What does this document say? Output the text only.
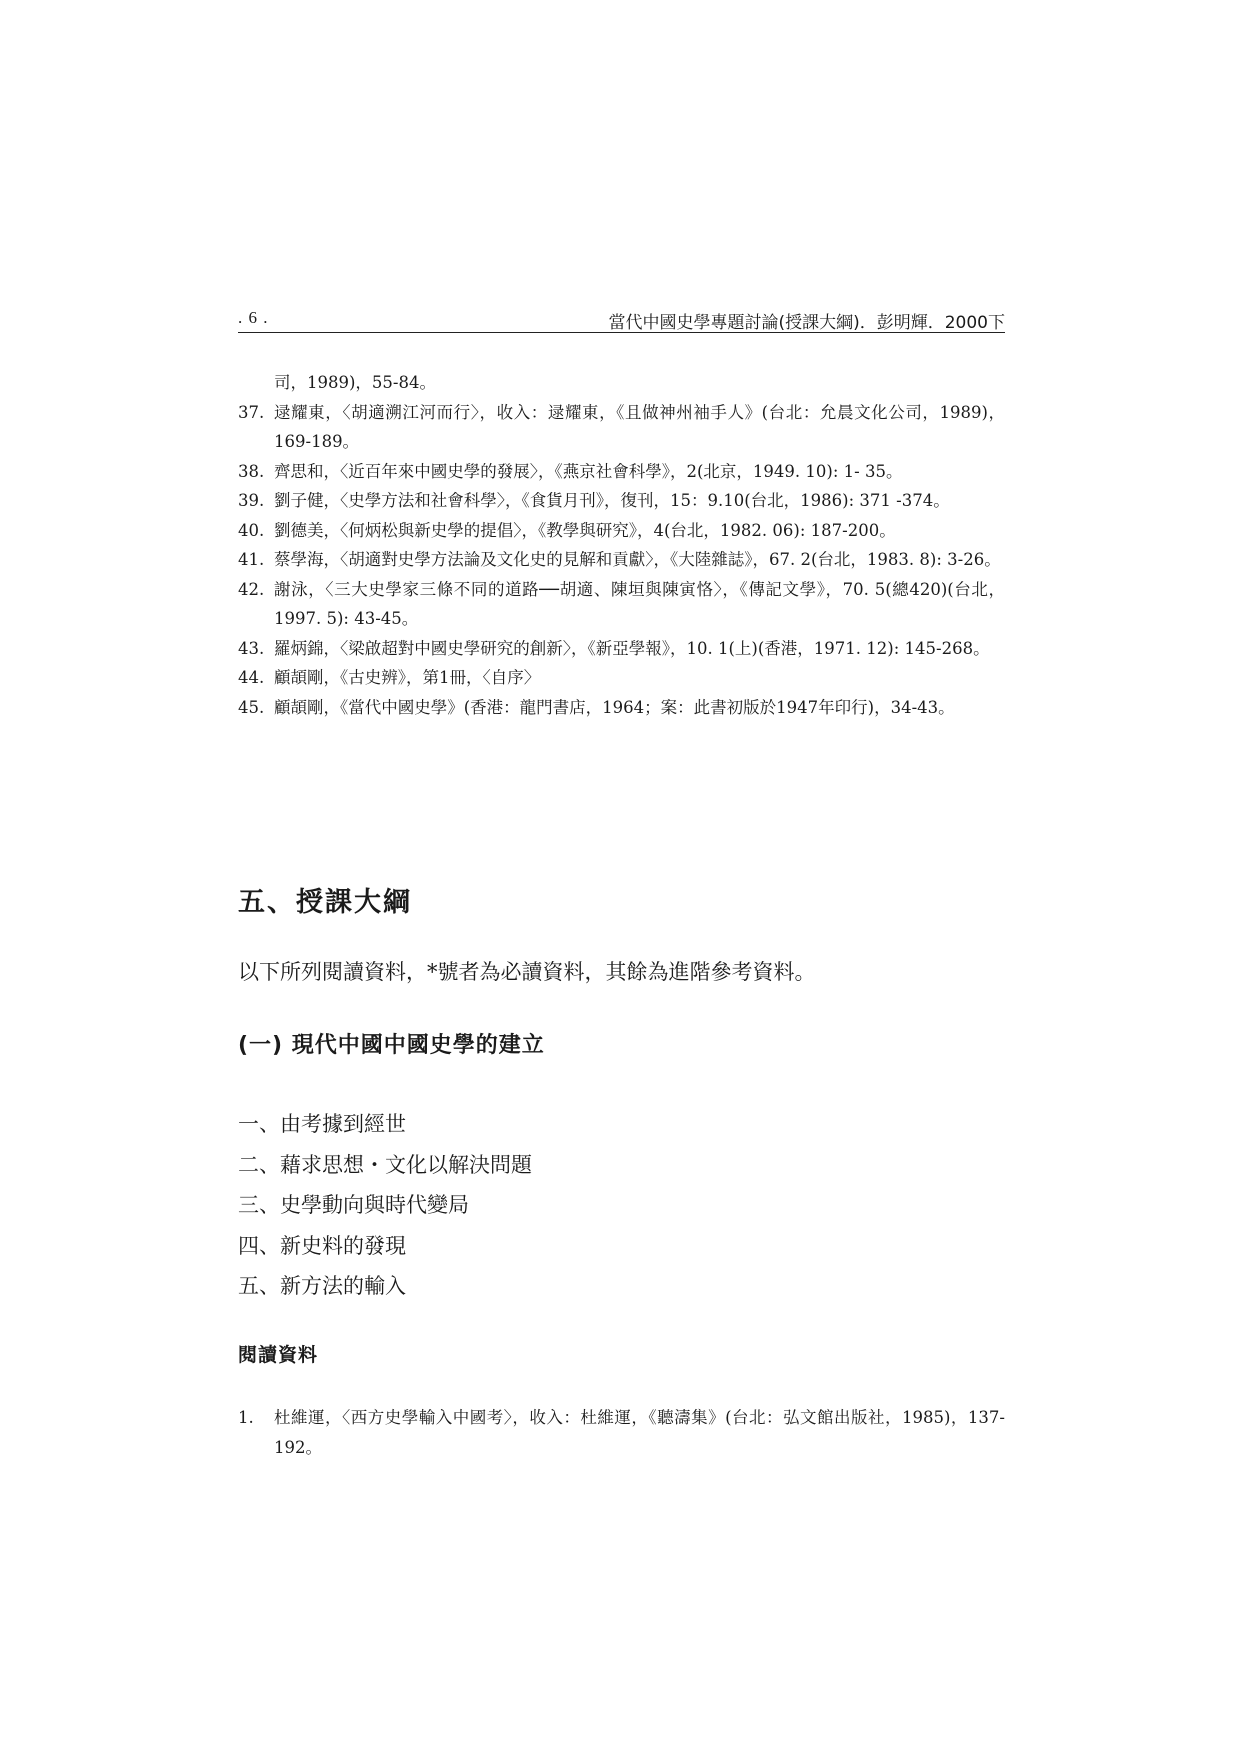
. 6 .	當代中國史學專題討論(授課大綱)．彭明輝．2000下
司，1989)，55-84。
37. 逯耀東，〈胡適溯江河而行〉，收入：逯耀東，《且做神州袖手人》(台北：允晨文化公司，1989)，169-189。
38. 齊思和，〈近百年來中國史學的發展〉，《燕京社會科學》，2(北京，1949. 10): 1- 35。
39. 劉子健，〈史學方法和社會科學〉，《食貨月刊》，復刊，15：9.10(台北，1986): 371 -374。
40. 劉德美，〈何炳松與新史學的提倡〉，《教學與研究》，4(台北，1982. 06): 187-200。
41. 蔡學海，〈胡適對史學方法論及文化史的見解和貢獻〉，《大陸雜誌》，67. 2(台北，1983. 8): 3-26。
42. 謝泳，〈三大史學家三條不同的道路──胡適、陳垣與陳寅恪〉，《傳記文學》，70. 5(總420)(台北，1997. 5): 43-45。
43. 羅炳錦，〈梁啟超對中國史學研究的創新〉，《新亞學報》，10. 1(上)(香港，1971. 12): 145-268。
44. 顧頡剛，《古史辨》，第1冊，〈自序〉
45. 顧頡剛，《當代中國史學》(香港：龍門書店，1964；案：此書初版於1947年印行)，34-43。
五、授課大綱
以下所列閱讀資料，*號者為必讀資料，其餘為進階參考資料。
(一) 現代中國中國史學的建立
一、由考據到經世
二、藉求思想・文化以解決問題
三、史學動向與時代變局
四、新史料的發現
五、新方法的輸入
閱讀資料
1. 杜維運，〈西方史學輸入中國考〉，收入：杜維運，《聽濤集》(台北：弘文館出版社，1985)，137-192。
